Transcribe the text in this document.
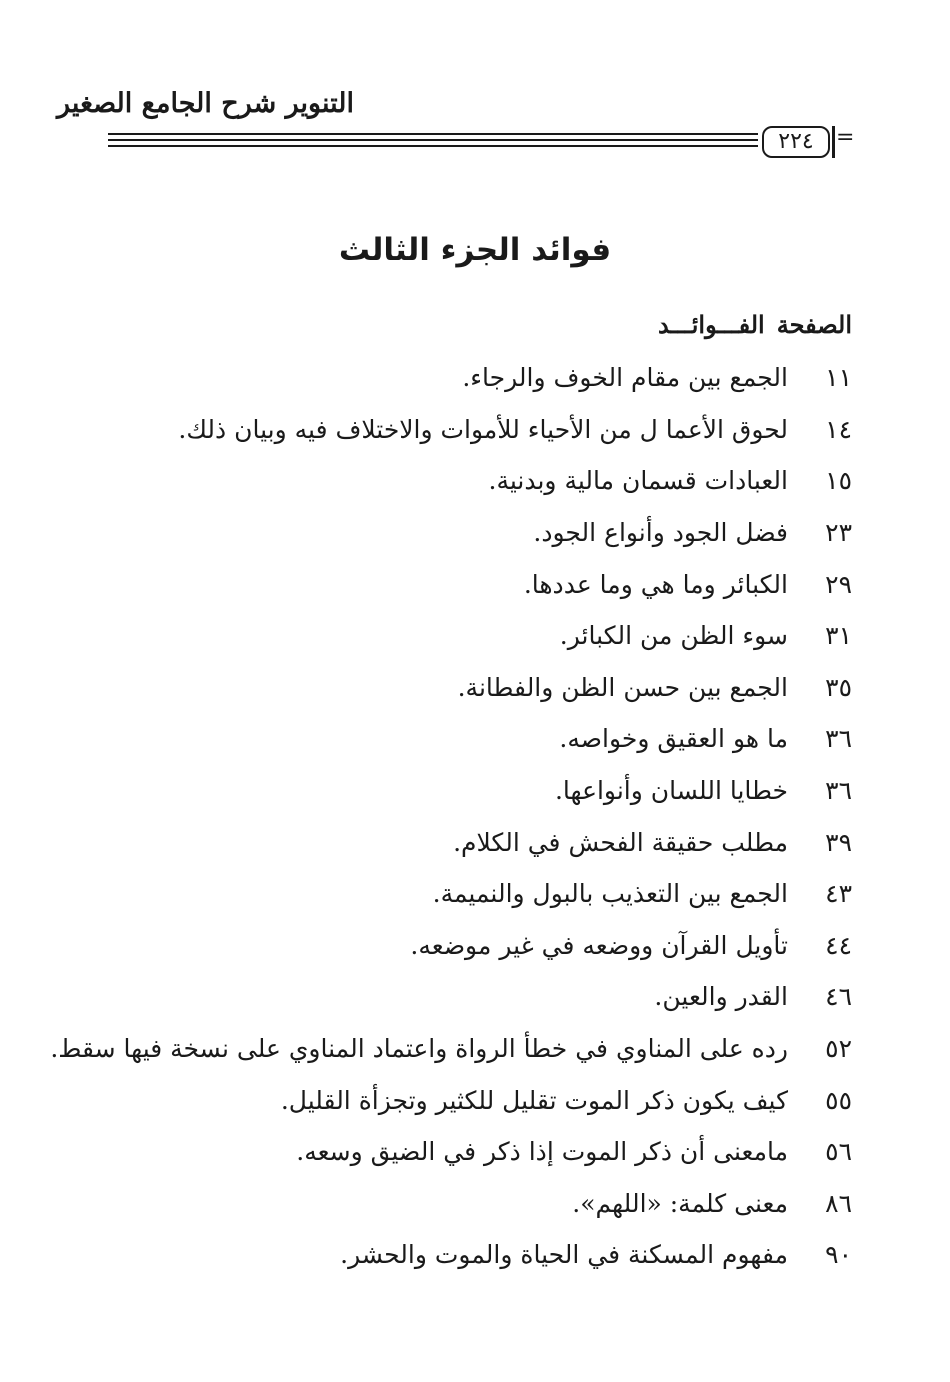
التنوير شرح الجامع الصغير
٢٢٤ =
فوائد الجزء الثالث
الصفحةالفـــوائـــد
١١
الجمع بين مقام الخوف والرجاء.
١٤
لحوق الأعما ل من الأحياء للأموات والاختلاف فيه وبيان ذلك.
١٥
العبادات قسمان مالية وبدنية.
٢٣
فضل الجود وأنواع الجود.
٢٩
الكبائر وما هي وما عددها.
٣١
سوء الظن من الكبائر.
٣٥
الجمع بين حسن الظن والفطانة.
٣٦
ما هو العقيق وخواصه.
٣٦
خطايا اللسان وأنواعها.
٣٩
مطلب حقيقة الفحش في الكلام.
٤٣
الجمع بين التعذيب بالبول والنميمة.
٤٤
تأويل القرآن ووضعه في غير موضعه.
٤٦
القدر والعين.
٥٢
رده على المناوي في خطأ الرواة واعتماد المناوي على نسخة فيها سقط.
٥٥
كيف يكون ذكر الموت تقليل للكثير وتجزأة القليل.
٥٦
مامعنى أن ذكر الموت إذا ذكر في الضيق وسعه.
٨٦
معنى كلمة: «اللهم».
٩٠
مفهوم المسكنة في الحياة والموت والحشر.
